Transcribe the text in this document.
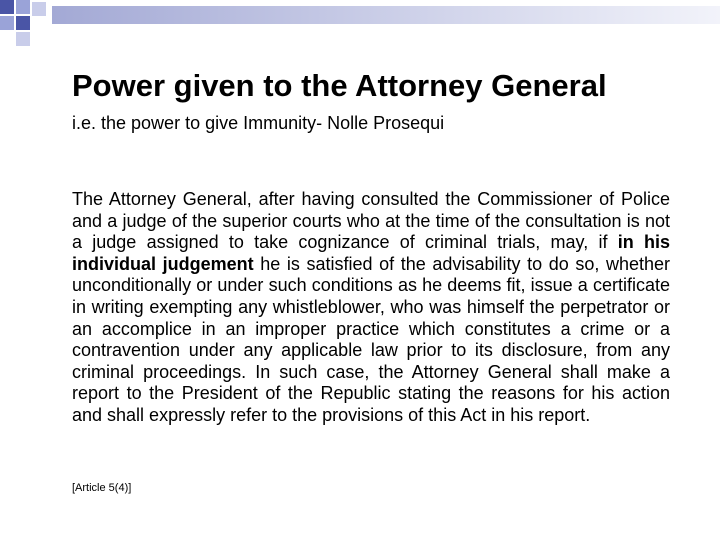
Power given to the Attorney General
i.e. the power to give Immunity- Nolle Prosequi
The Attorney General, after having consulted the Commissioner of Police and a judge of the superior courts who at the time of the consultation is not a judge assigned to take cognizance of criminal trials, may, if in his individual judgement he is satisfied of the advisability to do so, whether unconditionally or under such conditions as he deems fit, issue a certificate in writing exempting any whistleblower, who was himself the perpetrator or an accomplice in an improper practice which constitutes a crime or a contravention under any applicable law prior to its disclosure, from any criminal proceedings. In such case, the Attorney General shall make a report to the President of the Republic stating the reasons for his action and shall expressly refer to the provisions of this Act in his report.
[Article 5(4)]
